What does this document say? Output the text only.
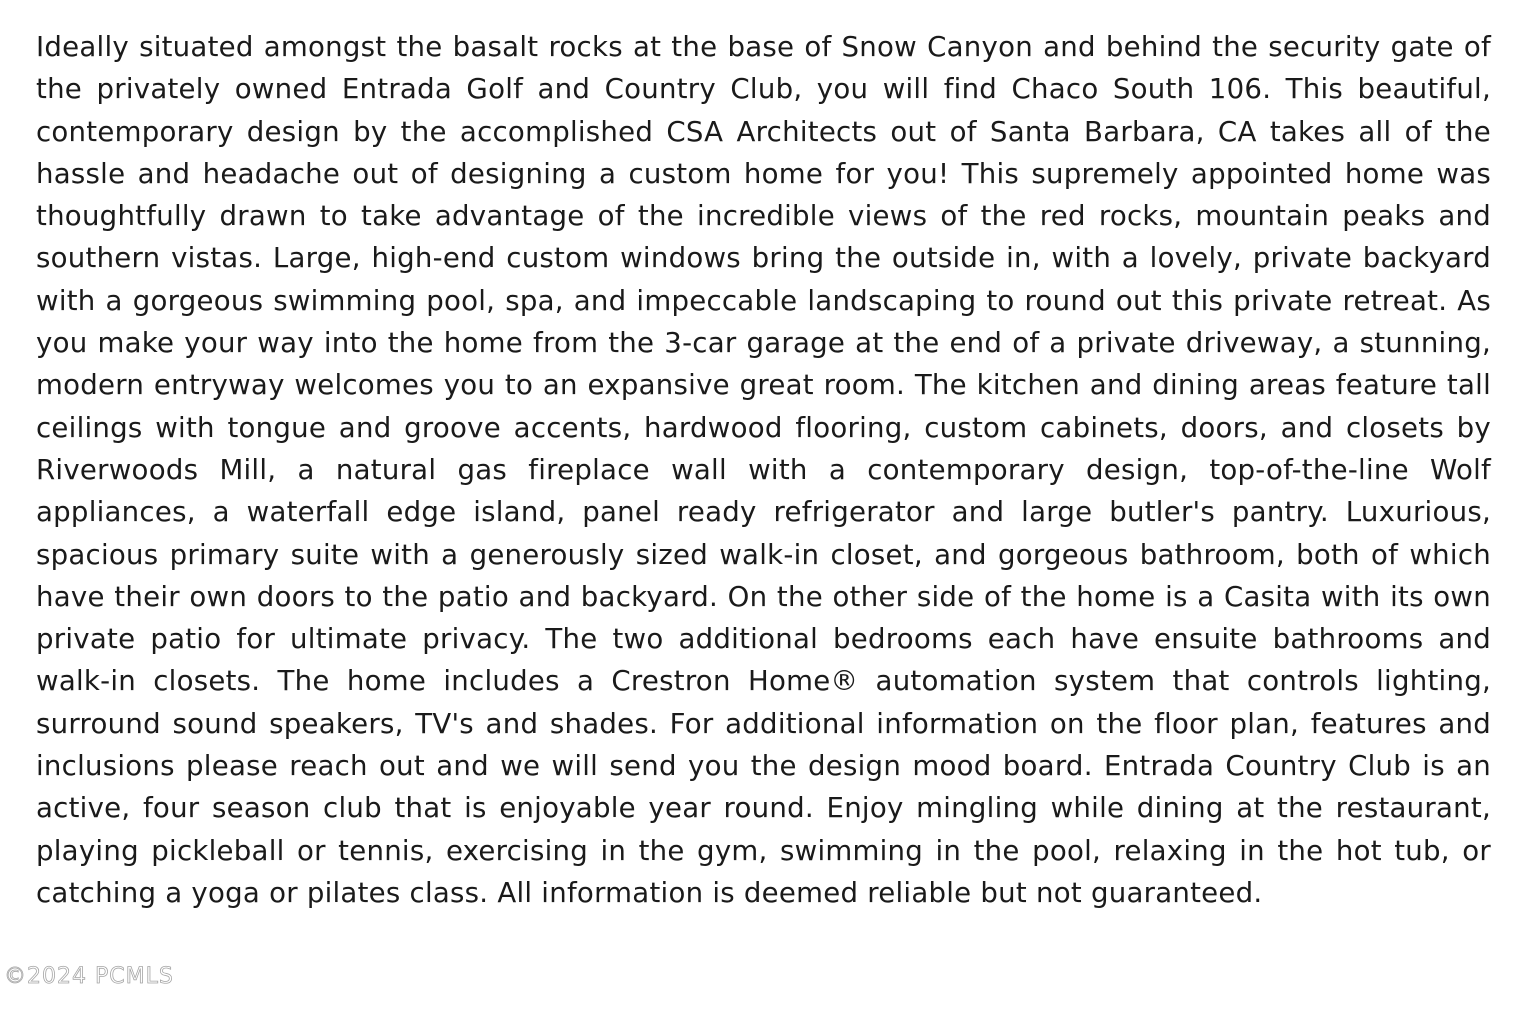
Ideally situated amongst the basalt rocks at the base of Snow Canyon and behind the security gate of the privately owned Entrada Golf and Country Club, you will find Chaco South 106. This beautiful, contemporary design by the accomplished CSA Architects out of Santa Barbara, CA takes all of the hassle and headache out of designing a custom home for you! This supremely appointed home was thoughtfully drawn to take advantage of the incredible views of the red rocks, mountain peaks and southern vistas. Large, high-end custom windows bring the outside in, with a lovely, private backyard with a gorgeous swimming pool, spa, and impeccable landscaping to round out this private retreat. As you make your way into the home from the 3-car garage at the end of a private driveway, a stunning, modern entryway welcomes you to an expansive great room. The kitchen and dining areas feature tall ceilings with tongue and groove accents, hardwood flooring, custom cabinets, doors, and closets by Riverwoods Mill, a natural gas fireplace wall with a contemporary design, top-of-the-line Wolf appliances, a waterfall edge island, panel ready refrigerator and large butler's pantry. Luxurious, spacious primary suite with a generously sized walk-in closet, and gorgeous bathroom, both of which have their own doors to the patio and backyard. On the other side of the home is a Casita with its own private patio for ultimate privacy. The two additional bedrooms each have ensuite bathrooms and walk-in closets. The home includes a Crestron Home® automation system that controls lighting, surround sound speakers, TV's and shades. For additional information on the floor plan, features and inclusions please reach out and we will send you the design mood board. Entrada Country Club is an active, four season club that is enjoyable year round. Enjoy mingling while dining at the restaurant, playing pickleball or tennis, exercising in the gym, swimming in the pool, relaxing in the hot tub, or catching a yoga or pilates class. All information is deemed reliable but not guaranteed.

©2024 PCMLS
